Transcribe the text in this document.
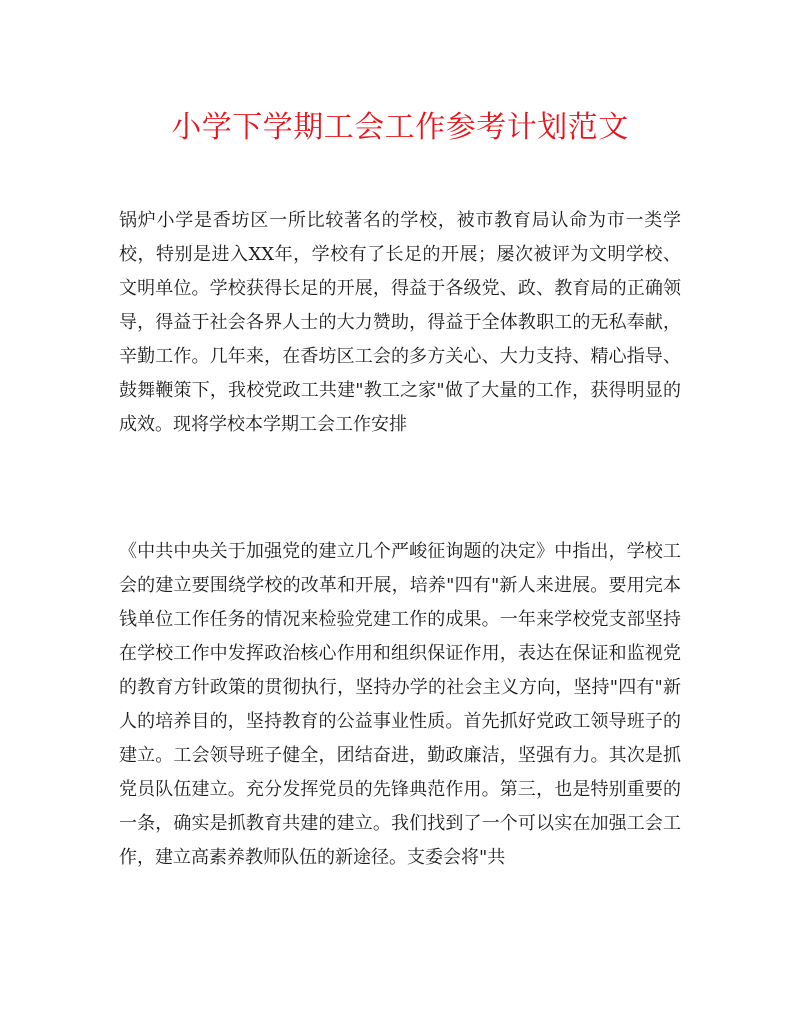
小学下学期工会工作参考计划范文

锅炉小学是香坊区一所比较著名的学校，被市教育局认命为市一类学校，特别是进入XX年，学校有了长足的开展；屡次被评为文明学校、文明单位。学校获得长足的开展，得益于各级党、政、教育局的正确领导，得益于社会各界人士的大力赞助，得益于全体教职工的无私奉献，辛勤工作。几年来，在香坊区工会的多方关心、大力支持、精心指导、鼓舞鞭策下，我校党政工共建"教工之家"做了大量的工作，获得明显的成效。现将学校本学期工会工作安排

《中共中央关于加强党的建立几个严峻征询题的决定》中指出，学校工会的建立要围绕学校的改革和开展，培养"四有"新人来进展。要用完本钱单位工作任务的情况来检验党建工作的成果。一年来学校党支部坚持在学校工作中发挥政治核心作用和组织保证作用，表达在保证和监视党的教育方针政策的贯彻执行，坚持办学的社会主义方向，坚持"四有"新人的培养目的，坚持教育的公益事业性质。首先抓好党政工领导班子的建立。工会领导班子健全，团结奋进，勤政廉洁，坚强有力。其次是抓党员队伍建立。充分发挥党员的先锋典范作用。第三，也是特别重要的一条，确实是抓教育共建的建立。我们找到了一个可以实在加强工会工作，建立高素养教师队伍的新途径。支委会将"共
